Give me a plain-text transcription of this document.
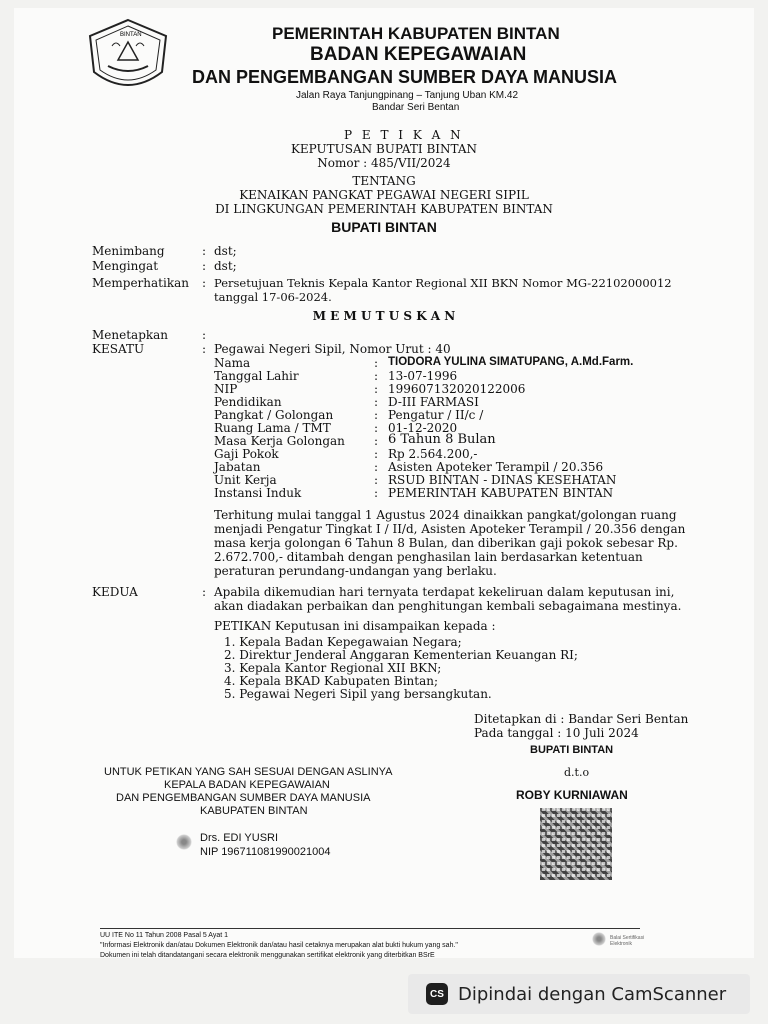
BINTAN	PEMERINTAH KABUPATEN BINTAN
BADAN KEPEGAWAIAN
DAN PENGEMBANGAN SUMBER DAYA MANUSIA
Jalan Raya Tanjungpinang – Tanjung Uban KM.42
Bandar Seri Bentan
P E T I K A N
KEPUTUSAN BUPATI BINTAN
Nomor : 485/VII/2024
TENTANG
KENAIKAN PANGKAT PEGAWAI NEGERI SIPIL
DI LINGKUNGAN PEMERINTAH KABUPATEN BINTAN
BUPATI BINTAN
Menimbang	: dst;
Mengingat	: dst;
Memperhatikan : Persetujuan Teknis Kepala Kantor Regional XII BKN Nomor MG-22102000012
tanggal 17-06-2024.
M E M U T U S K A N
Menetapkan	:
KESATU	: Pegawai Negeri Sipil, Nomor Urut : 40
Nama	: TIODORA YULINA SIMATUPANG, A.Md.Farm.
Tanggal Lahir	: 13-07-1996
NIP	: 199607132020122006
Pendidikan	: D-III FARMASI
Pangkat / Golongan	: Pengatur / II/c /
Ruang Lama / TMT	: 01-12-2020
Masa Kerja Golongan : 6 Tahun 8 Bulan
Gaji Pokok	: Rp 2.564.200,-
Jabatan	: Asisten Apoteker Terampil / 20.356
Unit Kerja	: RSUD BINTAN - DINAS KESEHATAN
Instansi Induk	: PEMERINTAH KABUPATEN BINTAN
Terhitung mulai tanggal 1 Agustus 2024 dinaikkan pangkat/golongan ruang
menjadi Pengatur Tingkat I / II/d, Asisten Apoteker Terampil / 20.356 dengan
masa kerja golongan 6 Tahun 8 Bulan, dan diberikan gaji pokok sebesar Rp.
2.672.700,- ditambah dengan penghasilan lain berdasarkan ketentuan
peraturan perundang-undangan yang berlaku.
KEDUA	: Apabila dikemudian hari ternyata terdapat kekeliruan dalam keputusan ini,
akan diadakan perbaikan dan penghitungan kembali sebagaimana mestinya.
PETIKAN Keputusan ini disampaikan kepada :
1. Kepala Badan Kepegawaian Negara;
2. Direktur Jenderal Anggaran Kementerian Keuangan RI;
3. Kepala Kantor Regional XII BKN;
4. Kepala BKAD Kabupaten Bintan;
5. Pegawai Negeri Sipil yang bersangkutan.
Ditetapkan di : Bandar Seri Bentan
Pada tanggal : 10 Juli 2024
BUPATI BINTAN
d.t.o
ROBY KURNIAWAN
UNTUK PETIKAN YANG SAH SESUAI DENGAN ASLINYA
KEPALA BADAN KEPEGAWAIAN
DAN PENGEMBANGAN SUMBER DAYA MANUSIA
KABUPATEN BINTAN
Drs. EDI YUSRI
NIP 196711081990021004
UU ITE No 11 Tahun 2008 Pasal 5 Ayat 1
"Informasi Elektronik dan/atau Dokumen Elektronik dan/atau hasil cetaknya merupakan alat bukti hukum yang sah."
Dokumen ini telah ditandatangani secara elektronik menggunakan sertifikat elektronik yang diterbitkan BSrE
Balai Sertifikasi Elektronik
CS Dipindai dengan CamScanner
